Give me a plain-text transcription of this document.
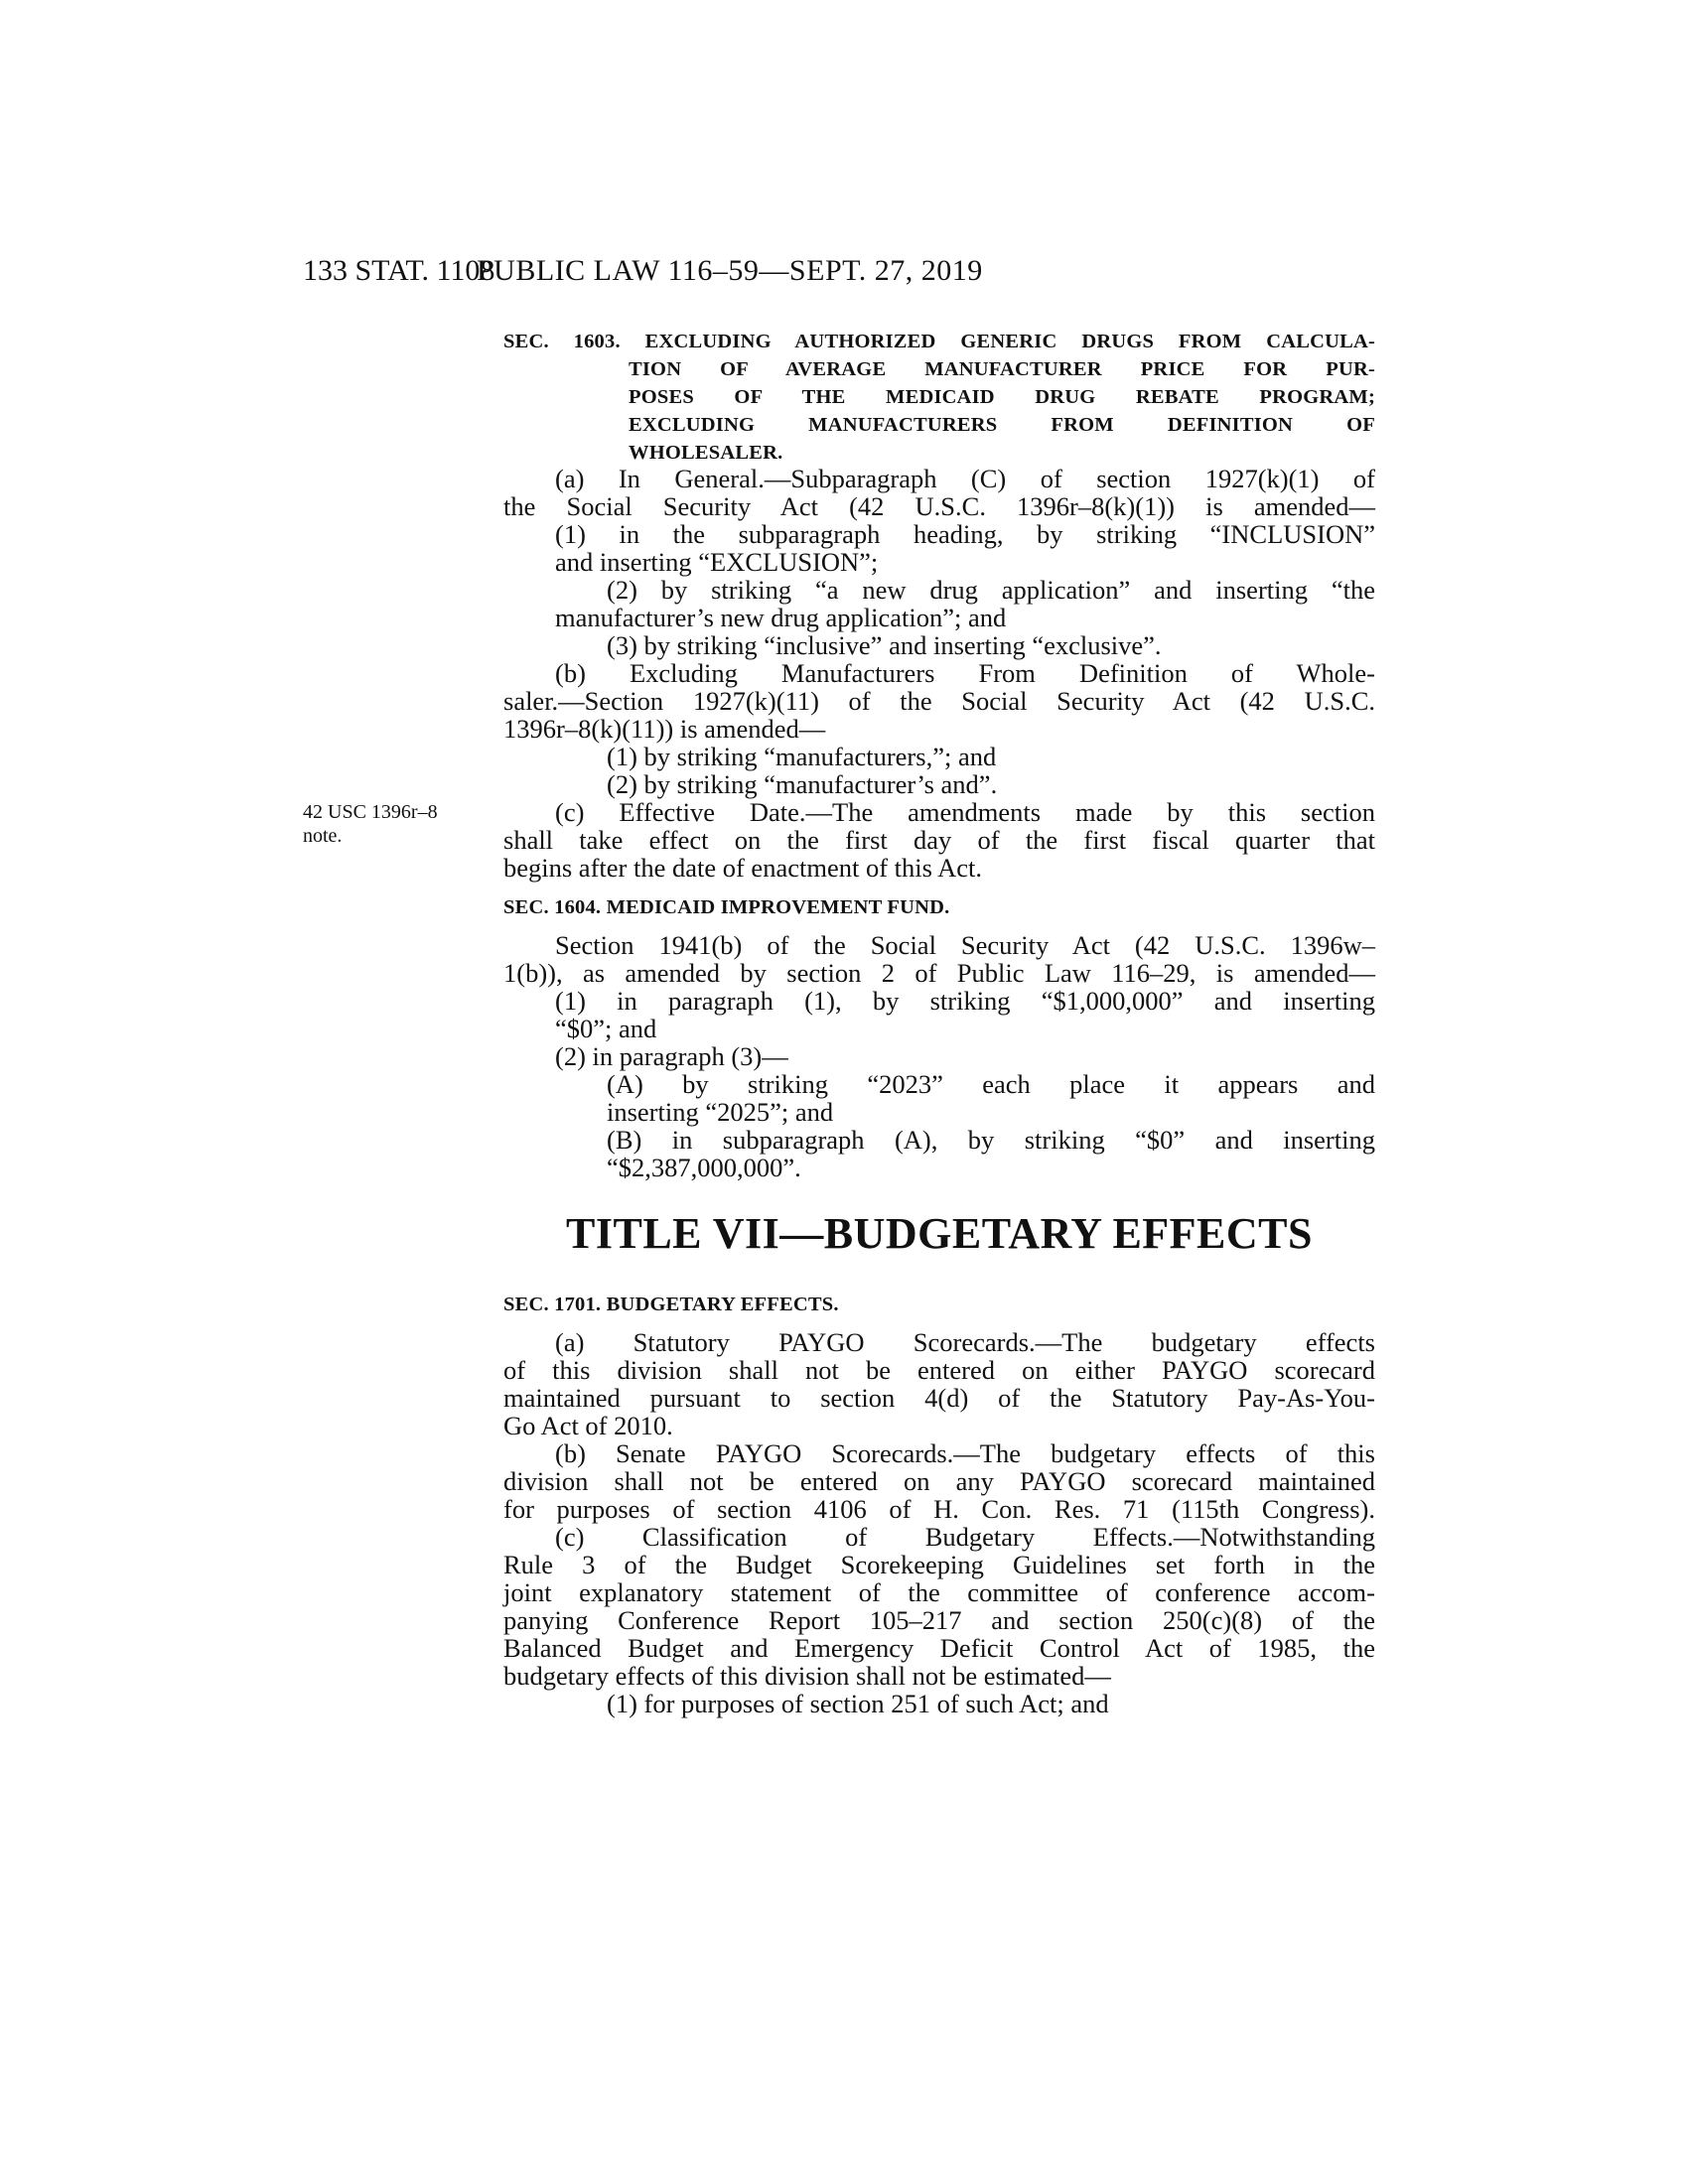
133 STAT. 1108
PUBLIC LAW 116–59—SEPT. 27, 2019
SEC. 1603. EXCLUDING AUTHORIZED GENERIC DRUGS FROM CALCULA-
TION OF AVERAGE MANUFACTURER PRICE FOR PUR-
POSES OF THE MEDICAID DRUG REBATE PROGRAM;
EXCLUDING MANUFACTURERS FROM DEFINITION OF
WHOLESALER.
(a) In General.—Subparagraph (C) of section 1927(k)(1) of
the Social Security Act (42 U.S.C. 1396r–8(k)(1)) is amended—
(1) in the subparagraph heading, by striking “INCLUSION”
and inserting “EXCLUSION”;
(2) by striking “a new drug application” and inserting “the
manufacturer’s new drug application”; and
(3) by striking “inclusive” and inserting “exclusive”.
(b) Excluding Manufacturers From Definition of Whole-
saler.—Section 1927(k)(11) of the Social Security Act (42 U.S.C.
1396r–8(k)(11)) is amended—
(1) by striking “manufacturers,”; and
(2) by striking “manufacturer’s and”.
(c) Effective Date.—The amendments made by this section
shall take effect on the first day of the first fiscal quarter that
begins after the date of enactment of this Act.
42 USC 1396r–8
note.
SEC. 1604. MEDICAID IMPROVEMENT FUND.
Section 1941(b) of the Social Security Act (42 U.S.C. 1396w–
1(b)), as amended by section 2 of Public Law 116–29, is amended—
(1) in paragraph (1), by striking “$1,000,000” and inserting
“$0”; and
(2) in paragraph (3)—
(A) by striking “2023” each place it appears and
inserting “2025”; and
(B) in subparagraph (A), by striking “$0” and inserting
“$2,387,000,000”.
TITLE VII—BUDGETARY EFFECTS
SEC. 1701. BUDGETARY EFFECTS.
(a) Statutory PAYGO Scorecards.—The budgetary effects
of this division shall not be entered on either PAYGO scorecard
maintained pursuant to section 4(d) of the Statutory Pay-As-You-
Go Act of 2010.
(b) Senate PAYGO Scorecards.—The budgetary effects of this
division shall not be entered on any PAYGO scorecard maintained
for purposes of section 4106 of H. Con. Res. 71 (115th Congress).
(c) Classification of Budgetary Effects.—Notwithstanding
Rule 3 of the Budget Scorekeeping Guidelines set forth in the
joint explanatory statement of the committee of conference accom-
panying Conference Report 105–217 and section 250(c)(8) of the
Balanced Budget and Emergency Deficit Control Act of 1985, the
budgetary effects of this division shall not be estimated—
(1) for purposes of section 251 of such Act; and
